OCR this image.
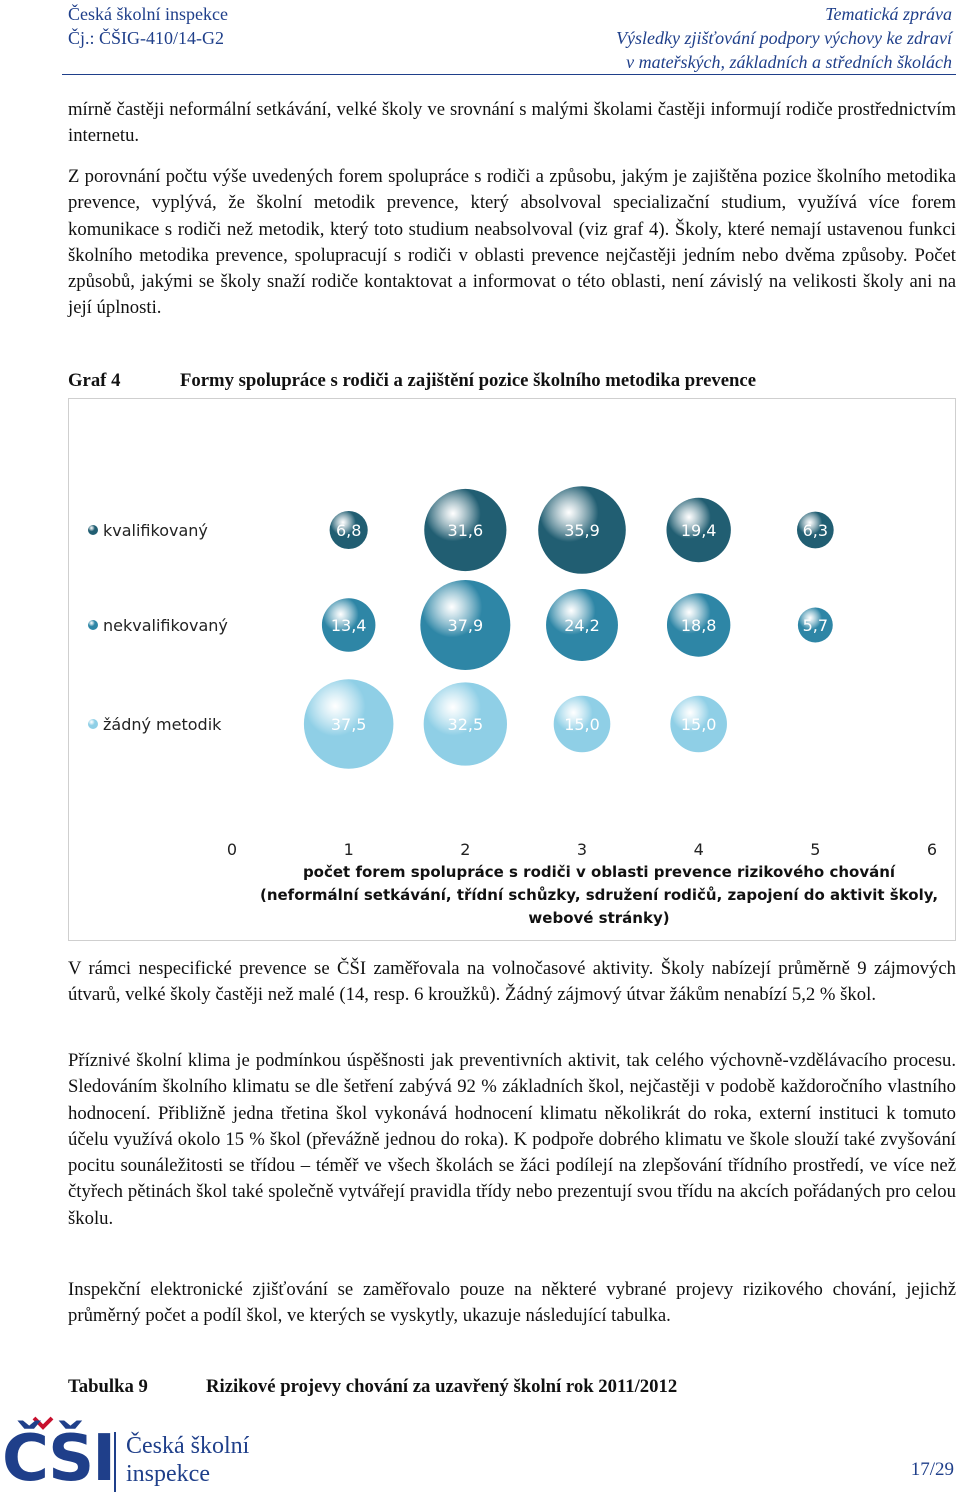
Česká školní inspekce
Čj.: ČŠIG-410/14-G2
Tematická zpráva
Výsledky zjišťování podpory výchovy ke zdraví
v mateřských, základních a středních školách

mírně častěji neformální setkávání, velké školy ve srovnání s malými školami častěji informují rodiče prostřednictvím internetu.

Z porovnání počtu výše uvedených forem spolupráce s rodiči a způsobu, jakým je zajištěna pozice školního metodika prevence, vyplývá, že školní metodik prevence, který absolvoval specializační studium, využívá více forem komunikace s rodiči než metodik, který toto studium neabsolvoval (viz graf 4). Školy, které nemají ustavenou funkci školního metodika prevence, spolupracují s rodiči v oblasti prevence nejčastěji jedním nebo dvěma způsoby. Počet způsobů, jakými se školy snaží rodiče kontaktovat a informovat o této oblasti, není závislý na velikosti školy ani na její úplnosti.

Graf 4	Formy spolupráce s rodiči a zajištění pozice školního metodika prevence
kvalifikovaný	6,8	31,6	35,9	19,4	6,3
nekvalifikovaný	13,4	37,9	24,2	18,8	5,7
žádný metodik	37,5	32,5	15,0	15,0
0	1	2	3	4	5	6
počet forem spolupráce s rodiči v oblasti prevence rizikového chování
(neformální setkávání, třídní schůzky, sdružení rodičů, zapojení do aktivit školy,
webové stránky)

V rámci nespecifické prevence se ČŠI zaměřovala na volnočasové aktivity. Školy nabízejí průměrně 9 zájmových útvarů, velké školy častěji než malé (14, resp. 6 kroužků). Žádný zájmový útvar žákům nenabízí 5,2 % škol.

Příznivé školní klima je podmínkou úspěšnosti jak preventivních aktivit, tak celého výchovně-vzdělávacího procesu. Sledováním školního klimatu se dle šetření zabývá 92 % základních škol, nejčastěji v podobě každoročního vlastního hodnocení. Přibližně jedna třetina škol vykonává hodnocení klimatu několikrát do roka, externí instituci k tomuto účelu využívá okolo 15 % škol (převážně jednou do roka). K podpoře dobrého klimatu ve škole slouží také zvyšování pocitu sounáležitosti se třídou – téměř ve všech školách se žáci podílejí na zlepšování třídního prostředí, ve více než čtyřech pětinách škol také společně vytvářejí pravidla třídy nebo prezentují svou třídu na akcích pořádaných pro celou školu.

Inspekční elektronické zjišťování se zaměřovalo pouze na některé vybrané projevy rizikového chování, jejichž průměrný počet a podíl škol, ve kterých se vyskytly, ukazuje následující tabulka.

Tabulka 9	Rizikové projevy chování za uzavřený školní rok 2011/2012
ČŠI Česká školní
inspekce	17/29
